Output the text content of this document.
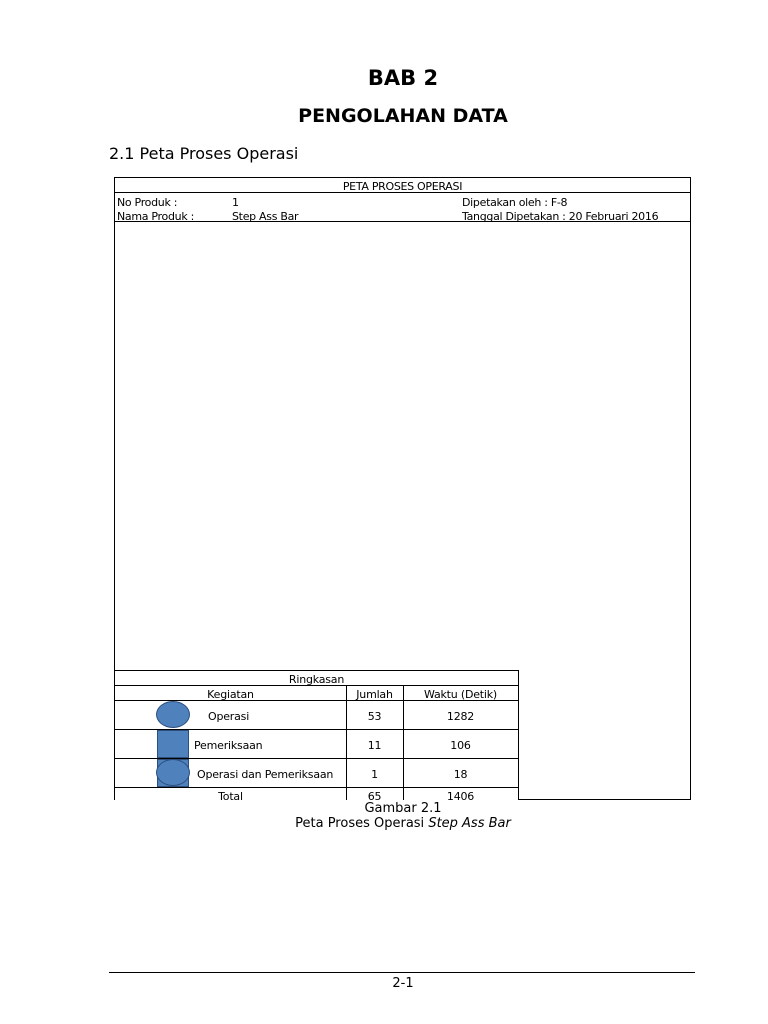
BAB 2
PENGOLAHAN DATA
2.1 Peta Proses Operasi
PETA PROSES OPERASI
No Produk :	1	Dipetakan oleh : F-8
Nama Produk :	Step Ass Bar	Tanggal Dipetakan : 20 Februari 2016
Ringkasan
Kegiatan	Jumlah	Waktu (Detik)
Operasi	53	1282
Pemeriksaan	11	106
Operasi dan Pemeriksaan	1	18
Total	65	1406
Gambar 2.1
Peta Proses Operasi Step Ass Bar
2-1
